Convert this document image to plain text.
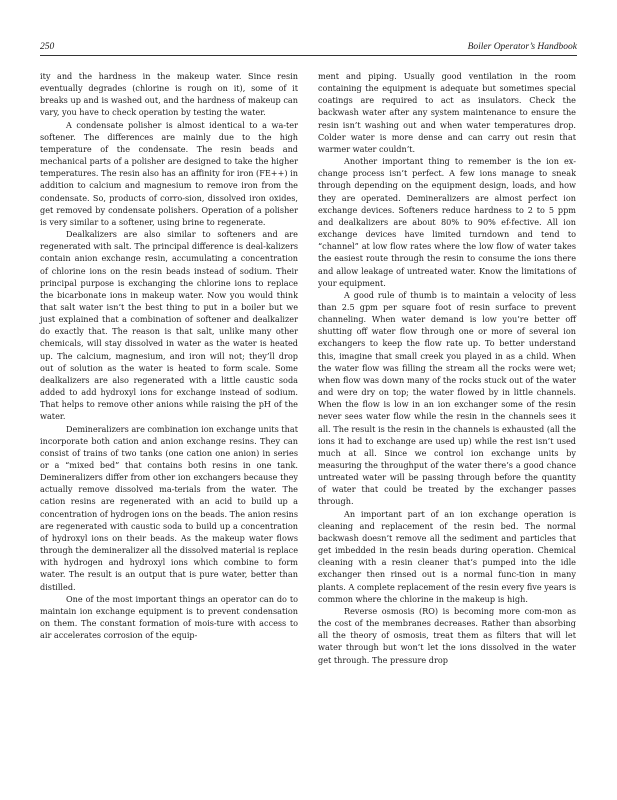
250	Boiler Operator’s Handbook

ity and the hardness in the makeup water. Since resin eventually degrades (chlorine is rough on it), some of it breaks up and is washed out, and the hardness of makeup can vary, you have to check operation by testing the water.

A condensate polisher is almost identical to a wa-ter softener. The differences are mainly due to the high temperature of the condensate. The resin beads and mechanical parts of a polisher are designed to take the higher temperatures. The resin also has an affinity for iron (FE++) in addition to calcium and magnesium to remove iron from the condensate. So, products of corro-sion, dissolved iron oxides, get removed by condensate polishers. Operation of a polisher is very similar to a softener, using brine to regenerate.

Dealkalizers are also similar to softeners and are regenerated with salt. The principal difference is deal-kalizers contain anion exchange resin, accumulating a concentration of chlorine ions on the resin beads instead of sodium. Their principal purpose is exchanging the chlorine ions to replace the bicarbonate ions in makeup water. Now you would think that salt water isn’t the best thing to put in a boiler but we just explained that a combination of softener and dealkalizer do exactly that. The reason is that salt, unlike many other chemicals, will stay dissolved in water as the water is heated up. The calcium, magnesium, and iron will not; they’ll drop out of solution as the water is heated to form scale. Some dealkalizers are also regenerated with a little caustic soda added to add hydroxyl ions for exchange instead of sodium. That helps to remove other anions while raising the pH of the water.

Demineralizers are combination ion exchange units that incorporate both cation and anion exchange resins. They can consist of trains of two tanks (one cation one anion) in series or a “mixed bed” that contains both resins in one tank. Demineralizers differ from other ion exchangers because they actually remove dissolved ma-terials from the water. The cation resins are regenerated with an acid to build up a concentration of hydrogen ions on the beads. The anion resins are regenerated with caustic soda to build up a concentration of hydroxyl ions on their beads. As the makeup water flows through the demineralizer all the dissolved material is replace with hydrogen and hydroxyl ions which combine to form water. The result is an output that is pure water, better than distilled.

One of the most important things an operator can do to maintain ion exchange equipment is to prevent condensation on them. The constant formation of mois-ture with access to air accelerates corrosion of the equip-

ment and piping. Usually good ventilation in the room containing the equipment is adequate but sometimes special coatings are required to act as insulators. Check the backwash water after any system maintenance to ensure the resin isn’t washing out and when water temperatures drop. Colder water is more dense and can carry out resin that warmer water couldn’t.

Another important thing to remember is the ion ex-change process isn’t perfect. A few ions manage to sneak through depending on the equipment design, loads, and how they are operated. Demineralizers are almost perfect ion exchange devices. Softeners reduce hardness to 2 to 5 ppm and dealkalizers are about 80% to 90% ef-fective. All ion exchange devices have limited turndown and tend to “channel” at low flow rates where the low flow of water takes the easiest route through the resin to consume the ions there and allow leakage of untreated water. Know the limitations of your equipment.

A good rule of thumb is to maintain a velocity of less than 2.5 gpm per square foot of resin surface to prevent channeling. When water demand is low you’re better off shutting off water flow through one or more of several ion exchangers to keep the flow rate up. To better understand this, imagine that small creek you played in as a child. When the water flow was filling the stream all the rocks were wet; when flow was down many of the rocks stuck out of the water and were dry on top; the water flowed by in little channels. When the flow is low in an ion exchanger some of the resin never sees water flow while the resin in the channels sees it all. The result is the resin in the channels is exhausted (all the ions it had to exchange are used up) while the rest isn’t used much at all. Since we control ion exchange units by measuring the throughput of the water there’s a good chance untreated water will be passing through before the quantity of water that could be treated by the exchanger passes through.

An important part of an ion exchange operation is cleaning and replacement of the resin bed. The normal backwash doesn’t remove all the sediment and particles that get imbedded in the resin beads during operation. Chemical cleaning with a resin cleaner that’s pumped into the idle exchanger then rinsed out is a normal func-tion in many plants. A complete replacement of the resin every five years is common where the chlorine in the makeup is high.

Reverse osmosis (RO) is becoming more com-mon as the cost of the membranes decreases. Rather than absorbing all the theory of osmosis, treat them as filters that will let water through but won’t let the ions dissolved in the water get through. The pressure drop
